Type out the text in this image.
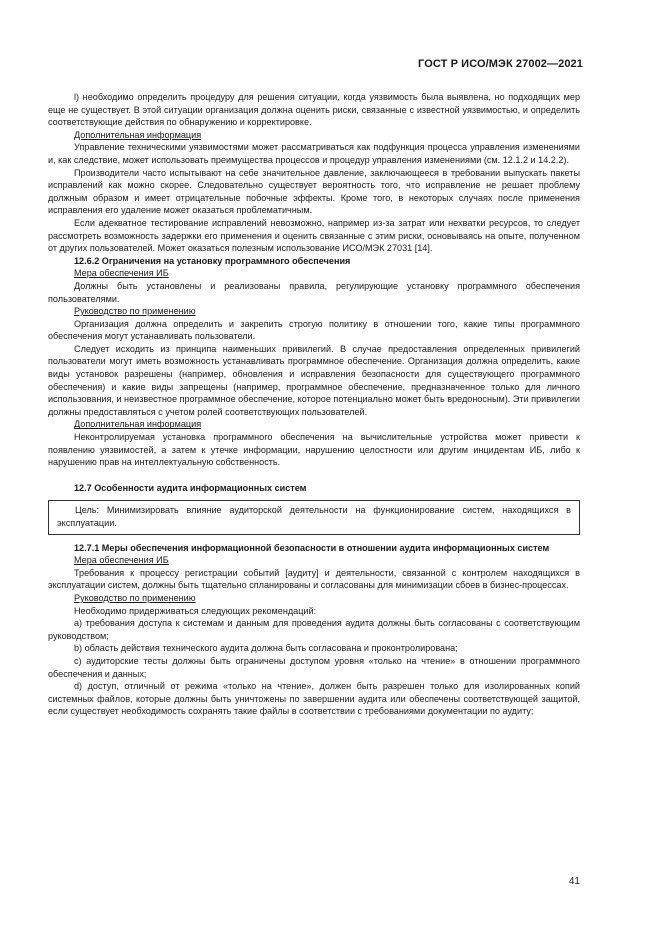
ГОСТ Р ИСО/МЭК 27002—2021

l) необходимо определить процедуру для решения ситуации, когда уязвимость была выявлена, но подходящих мер еще не существует. В этой ситуации организация должна оценить риски, связанные с известной уязвимостью, и определить соответствующие действия по обнаружению и корректировке.

Дополнительная информация

Управление техническими уязвимостями может рассматриваться как подфункция процесса управления изменениями и, как следствие, может использовать преимущества процессов и процедур управления изменениями (см. 12.1.2 и 14.2.2).

Производители часто испытывают на себе значительное давление, заключающееся в требовании выпускать пакеты исправлений как можно скорее. Следовательно существует вероятность того, что исправление не решает проблему должным образом и имеет отрицательные побочные эффекты. Кроме того, в некоторых случаях после применения исправления его удаление может оказаться проблематичным.

Если адекватное тестирование исправлений невозможно, например из-за затрат или нехватки ресурсов, то следует рассмотреть возможность задержки его применения и оценить связанные с этим риски, основываясь на опыте, полученном от других пользователей. Может оказаться полезным использование ИСО/МЭК 27031 [14].

12.6.2 Ограничения на установку программного обеспечения

Мера обеспечения ИБ

Должны быть установлены и реализованы правила, регулирующие установку программного обеспечения пользователями.

Руководство по применению

Организация должна определить и закрепить строгую политику в отношении того, какие типы программного обеспечения могут устанавливать пользователи.

Следует исходить из принципа наименьших привилегий. В случае предоставления определенных привилегий пользователи могут иметь возможность устанавливать программное обеспечение. Организация должна определить, какие виды установок разрешены (например, обновления и исправления безопасности для существующего программного обеспечения) и какие виды запрещены (например, программное обеспечение, предназначенное только для личного использования, и неизвестное программное обеспечение, которое потенциально может быть вредоносным). Эти привилегии должны предоставляться с учетом ролей соответствующих пользователей.

Дополнительная информация

Неконтролируемая установка программного обеспечения на вычислительные устройства может привести к появлению уязвимостей, а затем к утечке информации, нарушению целостности или другим инцидентам ИБ, либо к нарушению прав на интеллектуальную собственность.

12.7 Особенности аудита информационных систем

Цель: Минимизировать влияние аудиторской деятельности на функционирование систем, находящихся в эксплуатации.

12.7.1 Меры обеспечения информационной безопасности в отношении аудита информационных систем

Мера обеспечения ИБ

Требования к процессу регистрации событий [аудиту] и деятельности, связанной с контролем находящихся в эксплуатации систем, должны быть тщательно спланированы и согласованы для минимизации сбоев в бизнес-процессах.

Руководство по применению

Необходимо придерживаться следующих рекомендаций:

a) требования доступа к системам и данным для проведения аудита должны быть согласованы с соответствующим руководством;

b) область действия технического аудита должна быть согласована и проконтролирована;

c) аудиторские тесты должны быть ограничены доступом уровня «только на чтение» в отношении программного обеспечения и данных;

d) доступ, отличный от режима «только на чтение», должен быть разрешен только для изолированных копий системных файлов, которые должны быть уничтожены по завершении аудита или обеспечены соответствующей защитой, если существует необходимость сохранять такие файлы в соответствии с требованиями документации по аудиту;

41
